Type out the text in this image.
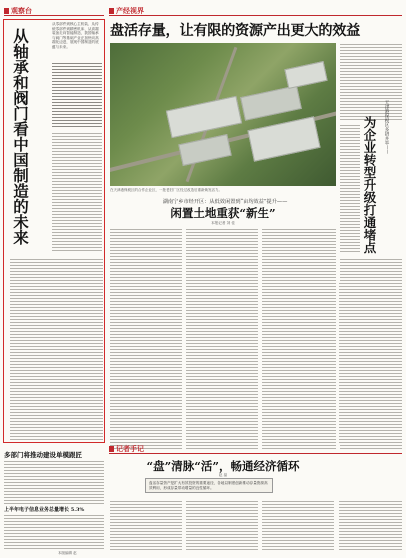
观察台
从零部件到核心主机装、从传统零部件到精密机床、从高端装备走向智能制造，我国轴承与阀门等基础产业正加快向高端化迈进，展现中国制造的底蕴与未来。
从轴承和阀门看中国制造的未来
多部门将推动建设单模跟匠
上半年电子信息业务总量增长 5.3%
本版编辑 赵
产经视界
盘活存量，让有限的资源产出更大的效益
在天津港保税区的合作企业区，一批老旧厂区经过改造后重新焕发活力。
湖南宁乡市经开区：从低效闲置到“亩均效益”提升——
闲置土地重获“新生”
本报记者 刘 佳
天津港保税区多措并举——
为企业转型升级打通堵点
记者手记
“盘”清脉“活”，畅通经济循环
赵 晶
盘活存量资产是扩大有效投资的重要途径，各地以制度创新推动存量资源高效利用，形成存量带动增量的良性循环。
